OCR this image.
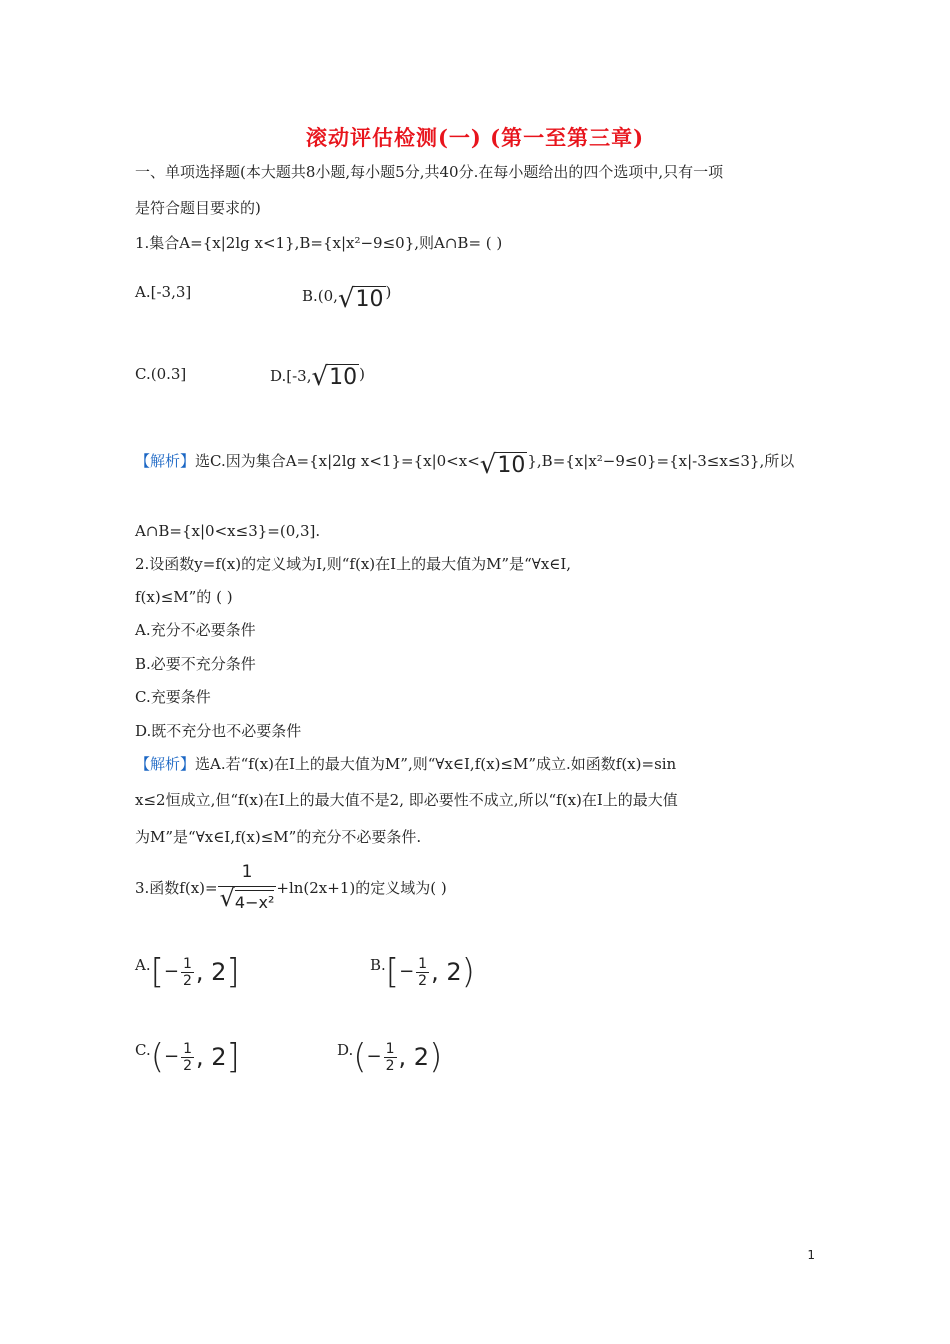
滚动评估检测(一) (第一至第三章)
一、单项选择题(本大题共8小题,每小题5分,共40分.在每小题给出的四个选项中,只有一项
是符合题目要求的)
1.集合A={x|2lg x<1},B={x|x²−9≤0},则A∩B= ( )
A.[-3,3]	B.(0, √ 10 )
C.(0.3]	D.[-3, √ 10 )
【解析】选C.因为集合A={x|2lg x<1}={x|0<x< √ 10 },B={x|x²−9≤0}={x|-3≤x≤3},所以
A∩B={x|0<x≤3}=(0,3].
2.设函数y=f(x)的定义域为I,则“f(x)在I上的最大值为M”是“∀x∈I,
f(x)≤M”的 ( )
A.充分不必要条件
B.必要不充分条件
C.充要条件
D.既不充分也不必要条件
【解析】选A.若“f(x)在I上的最大值为M”,则“∀x∈I,f(x)≤M”成立.如函数f(x)=sin
x≤2恒成立,但“f(x)在I上的最大值不是2, 即必要性不成立,所以“f(x)在I上的最大值
为M”是“∀x∈I,f(x)≤M”的充分不必要条件.
3.函数$f(x)= \frac{1}{\text{√ 4−x²}} +\ln(2x+1)$的定义域为( )
A. [ − $\frac{1}{2}$ , 2 ]	B. [ − $\frac{1}{2}$ , 2 )
C. ( − $\frac{1}{2}$ , 2 ]	D. ( − $\frac{1}{2}$ , 2 )
1
